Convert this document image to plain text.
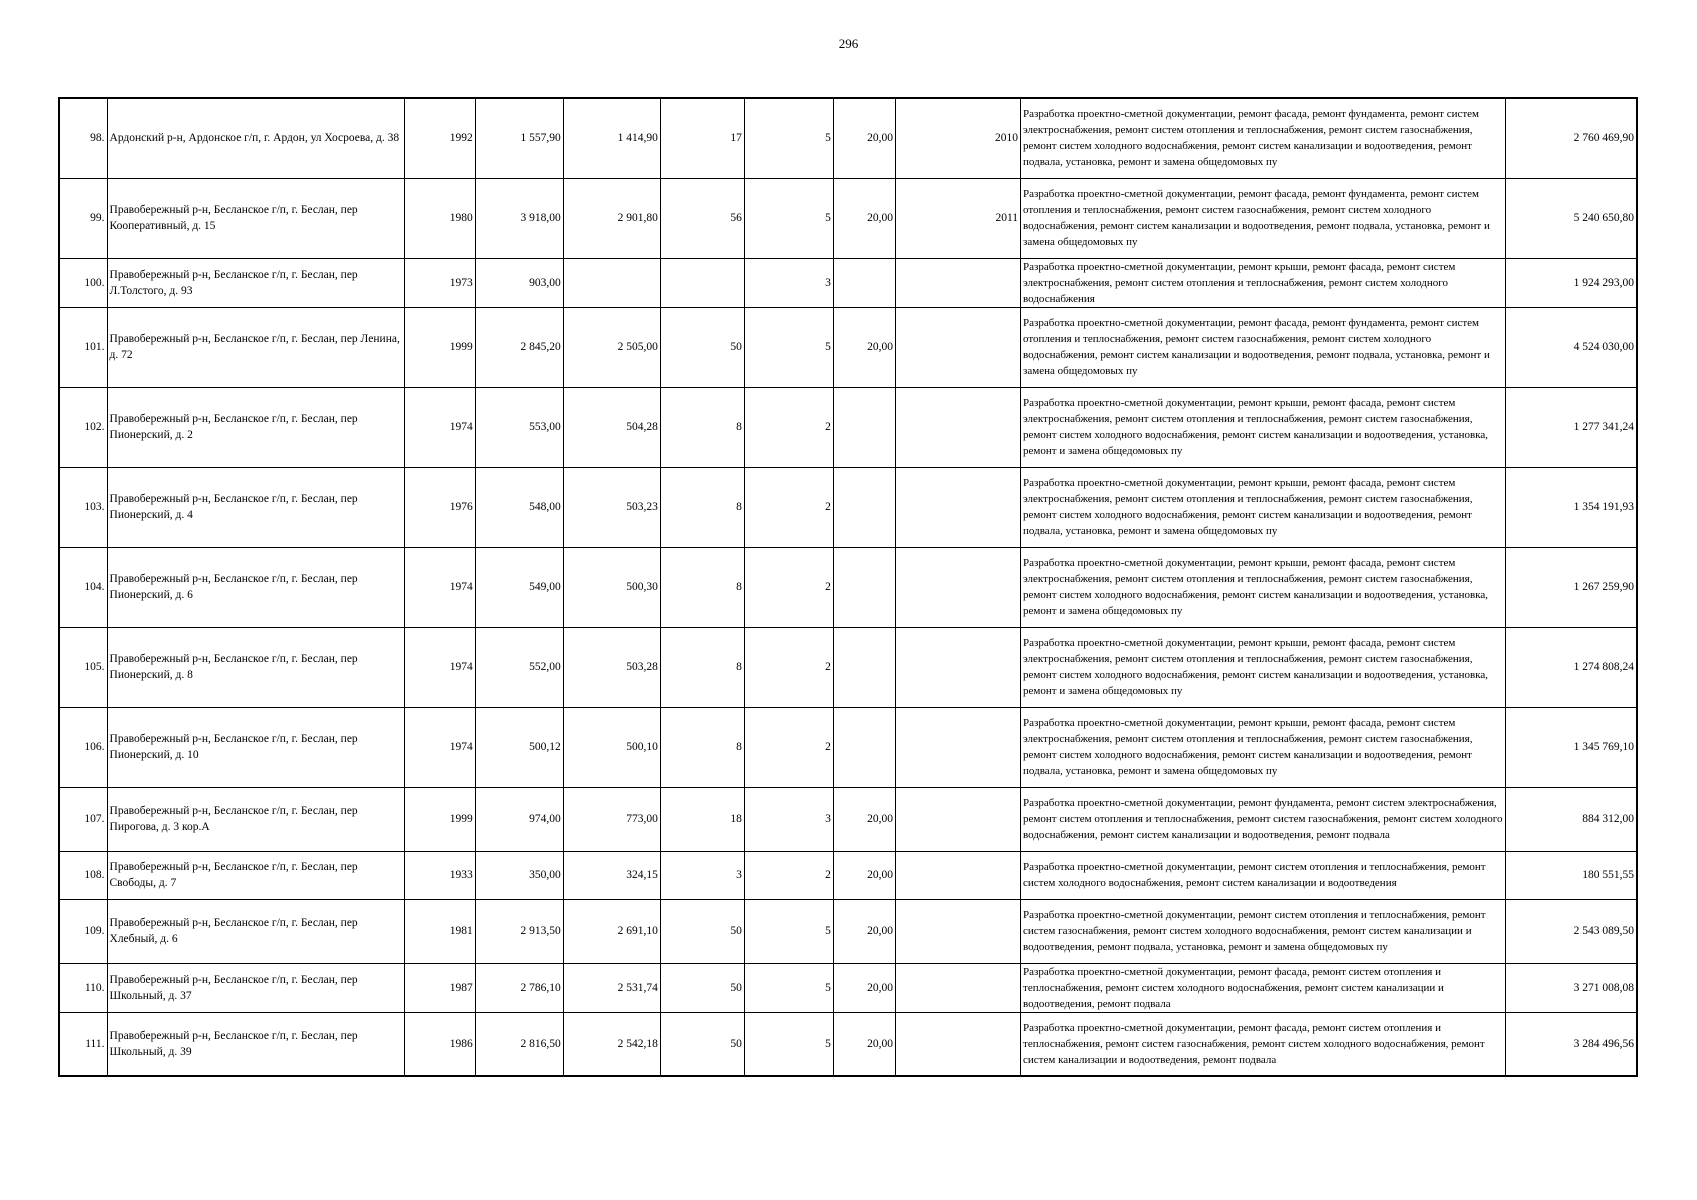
296
98.	Ардонский р-н, Ардонское г/п, г. Ардон, ул Хосроева, д. 38	1992	1 557,90	1 414,90	17	5	20,00	2010	Разработка проектно-сметной документации, ремонт фасада, ремонт фундамента, ремонт систем электроснабжения, ремонт систем отопления и теплоснабжения, ремонт систем газоснабжения, ремонт систем холодного водоснабжения, ремонт систем канализации и водоотведения, ремонт подвала, установка, ремонт и замена общедомовых пу	2 760 469,90
99.	Правобережный р-н, Бесланское г/п, г. Беслан, пер Кооперативный, д. 15	1980	3 918,00	2 901,80	56	5	20,00	2011	Разработка проектно-сметной документации, ремонт фасада, ремонт фундамента, ремонт систем отопления и теплоснабжения, ремонт систем газоснабжения, ремонт систем холодного водоснабжения, ремонт систем канализации и водоотведения, ремонт подвала, установка, ремонт и замена общедомовых пу	5 240 650,80
100.	Правобережный р-н, Бесланское г/п, г. Беслан, пер Л.Толстого, д. 93	1973	903,00			3			Разработка проектно-сметной документации, ремонт крыши, ремонт фасада, ремонт систем электроснабжения, ремонт систем отопления и теплоснабжения, ремонт систем холодного водоснабжения	1 924 293,00
101.	Правобережный р-н, Бесланское г/п, г. Беслан, пер Ленина, д. 72	1999	2 845,20	2 505,00	50	5	20,00		Разработка проектно-сметной документации, ремонт фасада, ремонт фундамента, ремонт систем отопления и теплоснабжения, ремонт систем газоснабжения, ремонт систем холодного водоснабжения, ремонт систем канализации и водоотведения, ремонт подвала, установка, ремонт и замена общедомовых пу	4 524 030,00
102.	Правобережный р-н, Бесланское г/п, г. Беслан, пер Пионерский, д. 2	1974	553,00	504,28	8	2			Разработка проектно-сметной документации, ремонт крыши, ремонт фасада, ремонт систем электроснабжения, ремонт систем отопления и теплоснабжения, ремонт систем газоснабжения, ремонт систем холодного водоснабжения, ремонт систем канализации и водоотведения, установка, ремонт и замена общедомовых пу	1 277 341,24
103.	Правобережный р-н, Бесланское г/п, г. Беслан, пер Пионерский, д. 4	1976	548,00	503,23	8	2			Разработка проектно-сметной документации, ремонт крыши, ремонт фасада, ремонт систем электроснабжения, ремонт систем отопления и теплоснабжения, ремонт систем газоснабжения, ремонт систем холодного водоснабжения, ремонт систем канализации и водоотведения, ремонт подвала, установка, ремонт и замена общедомовых пу	1 354 191,93
104.	Правобережный р-н, Бесланское г/п, г. Беслан, пер Пионерский, д. 6	1974	549,00	500,30	8	2			Разработка проектно-сметной документации, ремонт крыши, ремонт фасада, ремонт систем электроснабжения, ремонт систем отопления и теплоснабжения, ремонт систем газоснабжения, ремонт систем холодного водоснабжения, ремонт систем канализации и водоотведения, установка, ремонт и замена общедомовых пу	1 267 259,90
105.	Правобережный р-н, Бесланское г/п, г. Беслан, пер Пионерский, д. 8	1974	552,00	503,28	8	2			Разработка проектно-сметной документации, ремонт крыши, ремонт фасада, ремонт систем электроснабжения, ремонт систем отопления и теплоснабжения, ремонт систем газоснабжения, ремонт систем холодного водоснабжения, ремонт систем канализации и водоотведения, установка, ремонт и замена общедомовых пу	1 274 808,24
106.	Правобережный р-н, Бесланское г/п, г. Беслан, пер Пионерский, д. 10	1974	500,12	500,10	8	2			Разработка проектно-сметной документации, ремонт крыши, ремонт фасада, ремонт систем электроснабжения, ремонт систем отопления и теплоснабжения, ремонт систем газоснабжения, ремонт систем холодного водоснабжения, ремонт систем канализации и водоотведения, ремонт подвала, установка, ремонт и замена общедомовых пу	1 345 769,10
107.	Правобережный р-н, Бесланское г/п, г. Беслан, пер Пирогова, д. 3 кор.А	1999	974,00	773,00	18	3	20,00		Разработка проектно-сметной документации, ремонт фундамента, ремонт систем электроснабжения, ремонт систем отопления и теплоснабжения, ремонт систем газоснабжения, ремонт систем холодного водоснабжения, ремонт систем канализации и водоотведения, ремонт подвала	884 312,00
108.	Правобережный р-н, Бесланское г/п, г. Беслан, пер Свободы, д. 7	1933	350,00	324,15	3	2	20,00		Разработка проектно-сметной документации, ремонт систем отопления и теплоснабжения, ремонт систем холодного водоснабжения, ремонт систем канализации и водоотведения	180 551,55
109.	Правобережный р-н, Бесланское г/п, г. Беслан, пер Хлебный, д. 6	1981	2 913,50	2 691,10	50	5	20,00		Разработка проектно-сметной документации, ремонт систем отопления и теплоснабжения, ремонт систем газоснабжения, ремонт систем холодного водоснабжения, ремонт систем канализации и водоотведения, ремонт подвала, установка, ремонт и замена общедомовых пу	2 543 089,50
110.	Правобережный р-н, Бесланское г/п, г. Беслан, пер Школьный, д. 37	1987	2 786,10	2 531,74	50	5	20,00		Разработка проектно-сметной документации, ремонт фасада, ремонт систем отопления и теплоснабжения, ремонт систем холодного водоснабжения, ремонт систем канализации и водоотведения, ремонт подвала	3 271 008,08
111.	Правобережный р-н, Бесланское г/п, г. Беслан, пер Школьный, д. 39	1986	2 816,50	2 542,18	50	5	20,00		Разработка проектно-сметной документации, ремонт фасада, ремонт систем отопления и теплоснабжения, ремонт систем газоснабжения, ремонт систем холодного водоснабжения, ремонт систем канализации и водоотведения, ремонт подвала	3 284 496,56
